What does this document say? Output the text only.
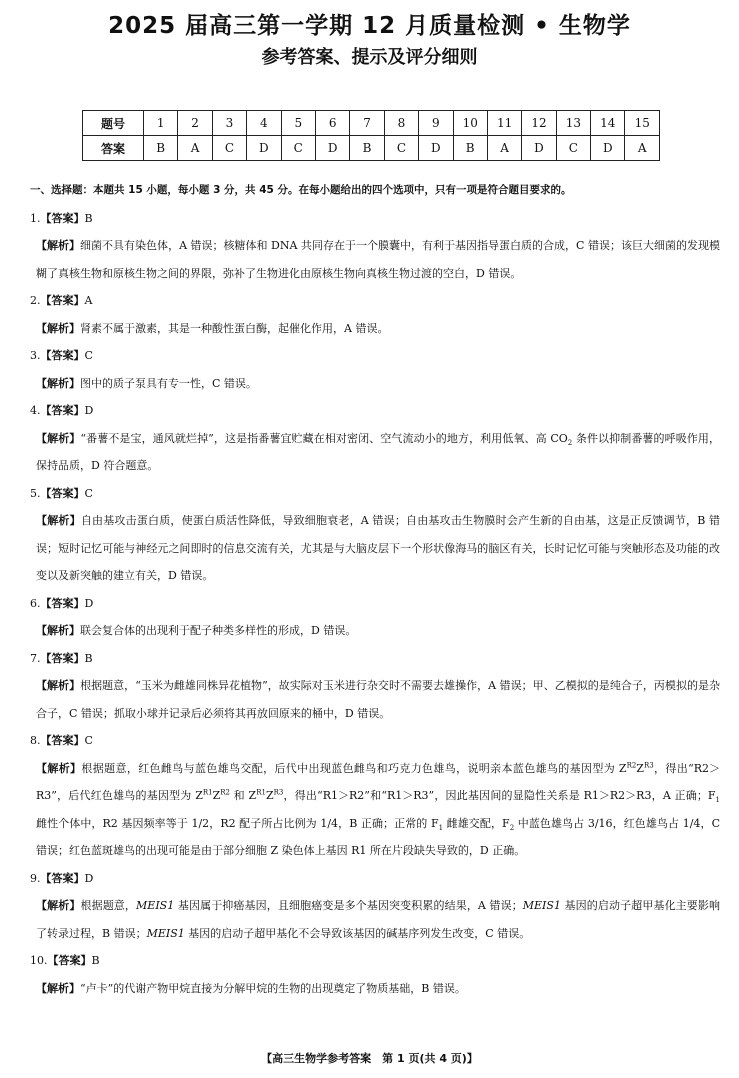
2025 届高三第一学期 12 月质量检测 • 生物学
参考答案、提示及评分细则
题号	1	2	3	4	5	6	7	8	9	10	11	12	13	14	15
答案	B	A	C	D	C	D	B	C	D	B	A	D	C	D	A
一、选择题：本题共 15 小题，每小题 3 分，共 45 分。在每小题给出的四个选项中，只有一项是符合题目要求的。
1.【答案】B
【解析】细菌不具有染色体，A 错误；核糖体和 DNA 共同存在于一个膜囊中，有利于基因指导蛋白质的合成，C 错误；该巨大细菌的发现模糊了真核生物和原核生物之间的界限，弥补了生物进化由原核生物向真核生物过渡的空白，D 错误。
2.【答案】A
【解析】肾素不属于激素，其是一种酸性蛋白酶，起催化作用，A 错误。
3.【答案】C
【解析】图中的质子泵具有专一性，C 错误。
4.【答案】D
【解析】“番薯不是宝，通风就烂掉”，这是指番薯宜贮藏在相对密闭、空气流动小的地方，利用低氧、高 $CO_2$ 条件以抑制番薯的呼吸作用，保持品质，D 符合题意。
5.【答案】C
【解析】自由基攻击蛋白质，使蛋白质活性降低，导致细胞衰老，A 错误；自由基攻击生物膜时会产生新的自由基，这是正反馈调节，B 错误；短时记忆可能与神经元之间即时的信息交流有关，尤其是与大脑皮层下一个形状像海马的脑区有关，长时记忆可能与突触形态及功能的改变以及新突触的建立有关，D 错误。
6.【答案】D
【解析】联会复合体的出现利于配子种类多样性的形成，D 错误。
7.【答案】B
【解析】根据题意，“玉米为雌雄同株异花植物”，故实际对玉米进行杂交时不需要去雄操作，A 错误；甲、乙模拟的是纯合子，丙模拟的是杂合子，C 错误；抓取小球并记录后必须将其再放回原来的桶中，D 错误。
8.【答案】C
【解析】根据题意，红色雌鸟与蓝色雄鸟交配，后代中出现蓝色雌鸟和巧克力色雄鸟，说明亲本蓝色雄鸟的基因型为 $Z^{R2}Z^{R3}$，得出“R2＞R3”，后代红色雄鸟的基因型为 $Z^{R1}Z^{R2}$ 和 $Z^{R1}Z^{R3}$，得出“R1＞R2”和“R1＞R3”，因此基因间的显隐性关系是 R1＞R2＞R3，A 正确；$F_1$ 雌性个体中，R2 基因频率等于 1/2，R2 配子所占比例为 1/4，B 正确；正常的 $F_1$ 雌雄交配，$F_2$ 中蓝色雄鸟占 3/16，红色雄鸟占 1/4，C 错误；红色蓝斑雄鸟的出现可能是由于部分细胞 Z 染色体上基因 R1 所在片段缺失导致的，D 正确。
9.【答案】D
【解析】根据题意，MEIS1 基因属于抑癌基因，且细胞癌变是多个基因突变积累的结果，A 错误；MEIS1 基因的启动子超甲基化主要影响了转录过程，B 错误；MEIS1 基因的启动子超甲基化不会导致该基因的碱基序列发生改变，C 错误。
10.【答案】B
【解析】“卢卡”的代谢产物甲烷直接为分解甲烷的生物的出现奠定了物质基础，B 错误。
【高三生物学参考答案　第 1 页(共 4 页)】
